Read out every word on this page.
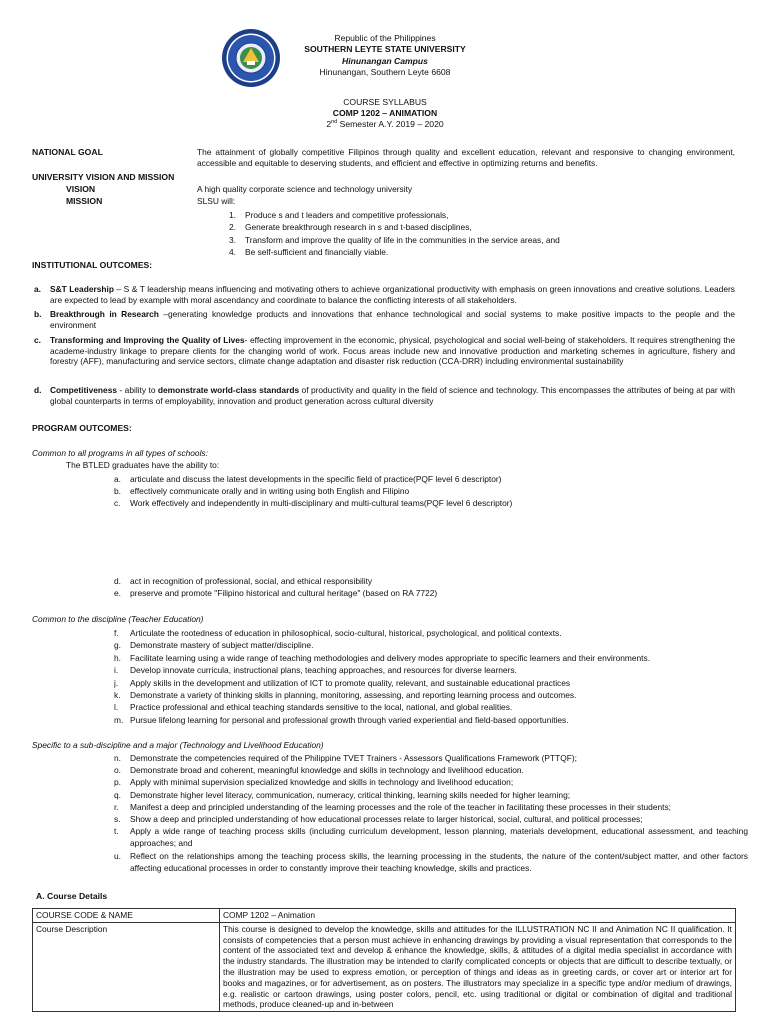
Republic of the Philippines
SOUTHERN LEYTE STATE UNIVERSITY
Hinunangan Campus
Hinunangan, Southern Leyte 6608
COURSE SYLLABUS
COMP 1202 – ANIMATION
2nd Semester A.Y. 2019 – 2020
NATIONAL GOAL	The attainment of globally competitive Filipinos through quality and excellent education, relevant and responsive to changing environment, accessible and equitable to deserving students, and efficient and effective in optimizing returns and benefits.
UNIVERSITY VISION AND MISSION
VISION	A high quality corporate science and technology university
MISSION	SLSU will:
1. Produce s and t leaders and competitive professionals,
2. Generate breakthrough research in s and t-based disciplines,
3. Transform and improve the quality of life in the communities in the service areas, and
4. Be self-sufficient and financially viable.
INSTITUTIONAL OUTCOMES:
a. S&T Leadership – S & T leadership means influencing and motivating others to achieve organizational productivity with emphasis on green innovations and creative solutions. Leaders are expected to lead by example with moral ascendancy and coordinate to balance the conflicting interests of all stakeholders.
b. Breakthrough in Research –generating knowledge products and innovations that enhance technological and social systems to make positive impacts to the people and the environment
c. Transforming and Improving the Quality of Lives- effecting improvement in the economic, physical, psychological and social well-being of stakeholders. It requires strengthening the academe-industry linkage to prepare clients for the changing world of work. Focus areas include new and innovative production and marketing schemes in agriculture, fishery and forestry (AFF), manufacturing and service sectors, climate change adaptation and disaster risk reduction (CCA-DRR) including environmental sustainability
d. Competitiveness - ability to demonstrate world-class standards of productivity and quality in the field of science and technology. This encompasses the attributes of being at par with global counterparts in terms of employability, innovation and product generation across cultural diversity
PROGRAM OUTCOMES:
Common to all programs in all types of schools:
The BTLED graduates have the ability to:
a. articulate and discuss the latest developments in the specific field of practice(PQF level 6 descriptor)
b. effectively communicate orally and in writing using both English and Filipino
c. Work effectively and independently in multi-disciplinary and multi-cultural teams(PQF level 6 descriptor)
d. act in recognition of professional, social, and ethical responsibility
e. preserve and promote "Filipino historical and cultural heritage" (based on RA 7722)
Common to the discipline (Teacher Education)
f. Articulate the rootedness of education in philosophical, socio-cultural, historical, psychological, and political contexts.
g. Demonstrate mastery of subject matter/discipline.
h. Facilitate learning using a wide range of teaching methodologies and delivery modes appropriate to specific learners and their environments.
i. Develop innovate curricula, instructional plans, teaching approaches, and resources for diverse learners.
j. Apply skills in the development and utilization of ICT to promote quality, relevant, and sustainable educational practices
k. Demonstrate a variety of thinking skills in planning, monitoring, assessing, and reporting learning process and outcomes.
l. Practice professional and ethical teaching standards sensitive to the local, national, and global realities.
m. Pursue lifelong learning for personal and professional growth through varied experiential and field-based opportunities.
Specific to a sub-discipline and a major (Technology and Livelihood Education)
n. Demonstrate the competencies required of the Philippine TVET Trainers - Assessors Qualifications Framework (PTTQF);
o. Demonstrate broad and coherent, meaningful knowledge and skills in technology and livelihood education.
p. Apply with minimal supervision specialized knowledge and skills in technology and livelihood education;
q. Demonstrate higher level literacy, communication, numeracy, critical thinking, learning skills needed for higher learning;
r. Manifest a deep and principled understanding of the learning processes and the role of the teacher in facilitating these processes in their students;
s. Show a deep and principled understanding of how educational processes relate to larger historical, social, cultural, and political processes;
t. Apply a wide range of teaching process skills (including curriculum development, lesson planning, materials development, educational assessment, and teaching approaches; and
u. Reflect on the relationships among the teaching process skills, the learning processing in the students, the nature of the content/subject matter, and other factors affecting educational processes in order to constantly improve their teaching knowledge, skills and practices.
A. Course Details
COURSE CODE & NAME	COMP 1202 – Animation
Course Description	This course is designed to develop the knowledge, skills and attitudes for the ILLUSTRATION NC II and Animation NC II qualification. It consists of competencies that a person must achieve in enhancing drawings by providing a visual representation that corresponds to the content of the associated text and develop & enhance the knowledge, skills, & attitudes of a digital media specialist in accordance with the industry standards. The illustration may be intended to clarify complicated concepts or objects that are difficult to describe textually, or the illustration may be used to express emotion, or perception of things and ideas as in greeting cards, or cover art or interior art for books and magazines, or for advertisement, as on posters. The illustrators may specialize in a specific type and/or medium of drawings, e.g. realistic or cartoon drawings, using poster colors, pencil, etc. using traditional or digital or combination of digital and traditional methods, produce cleaned-up and in-between
